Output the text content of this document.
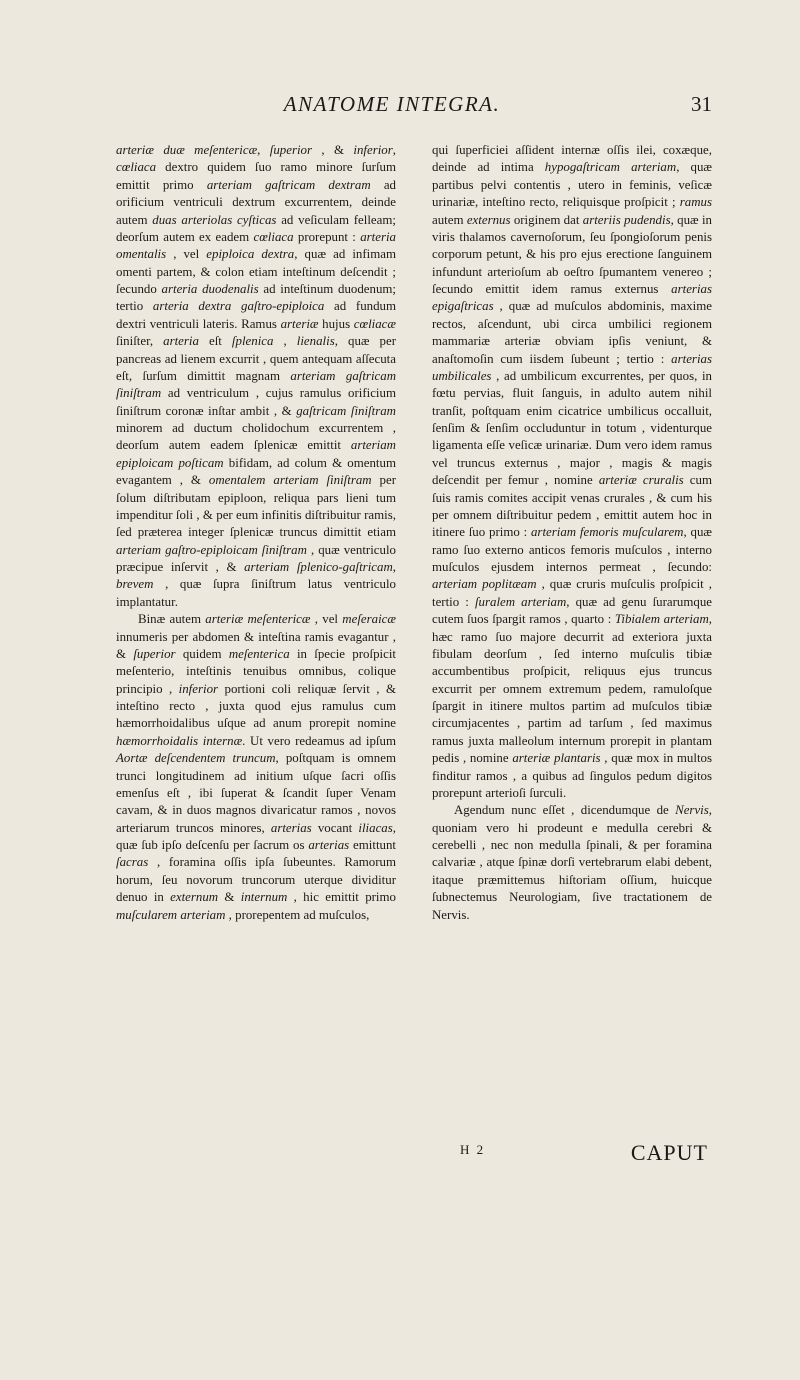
ANATOME INTEGRA.	31

arteriæ duæ meſentericæ, ſuperior , & inferior, cœliaca dextro quidem ſuo ramo minore ſurſum emittit primo arteriam gaſtricam dextram ad orificium ventriculi dextrum excurrentem, deinde autem duas arteriolas cyſticas ad veſiculam felleam; deorſum autem ex eadem cœliaca prorepunt : arteria omentalis , vel epiploica dextra, quæ ad infimam omenti partem, & colon etiam inteſtinum deſcendit ; ſecundo arteria duodenalis ad inteſtinum duodenum; tertio arteria dextra gaſtro-epiploica ad fundum dextri ventriculi lateris. Ramus arteriæ hujus cœliacæ ſiniſter, arteria eſt ſplenica , lienalis, quæ per pancreas ad lienem excurrit , quem antequam aſſecuta eſt, ſurſum dimittit magnam arteriam gaſtricam ſiniſtram ad ventriculum , cujus ramulus orificium ſiniſtrum coronæ inſtar ambit , & gaſtricam ſiniſtram minorem ad ductum cholidochum excurrentem , deorſum autem eadem ſplenicæ emittit arteriam epiploicam poſticam bifidam, ad colum & omentum evagantem , & omentalem arteriam ſiniſtram per ſolum diſtributam epiploon, reliqua pars lieni tum impenditur ſoli , & per eum infinitis diſtribuitur ramis, ſed præterea integer ſplenicæ truncus dimittit etiam arteriam gaſtro-epiploicam ſiniſtram , quæ ventriculo præcipue inſervit , & arteriam ſplenico-gaſtricam, brevem , quæ ſupra ſiniſtrum latus ventriculo implantatur.

Binæ autem arteriæ meſentericæ , vel meſeraicæ innumeris per abdomen & inteſtina ramis evagantur , & ſuperior quidem meſenterica in ſpecie proſpicit meſenterio, inteſtinis tenuibus omnibus, colique principio , inferior portioni coli reliquæ ſervit , & inteſtino recto , juxta quod ejus ramulus cum hæmorrhoidalibus uſque ad anum prorepit nomine hæmorrhoidalis internæ. Ut vero redeamus ad ipſum Aortæ deſcendentem truncum, poſtquam is omnem trunci longitudinem ad initium uſque ſacri oſſis emenſus eſt , ibi ſuperat & ſcandit ſuper Venam cavam, & in duos magnos divaricatur ramos , novos arteriarum truncos minores, arterias vocant iliacas, quæ ſub ipſo deſcenſu per ſacrum os arterias emittunt ſacras , foramina oſſis ipſa ſubeuntes. Ramorum horum, ſeu novorum truncorum uterque dividitur denuo in externum & internum , hic emittit primo muſcularem arteriam , prorepentem ad muſculos,

qui ſuperficiei aſſident internæ oſſis ilei, coxæque, deinde ad intima hypogaſtricam arteriam, quæ partibus pelvi contentis , utero in feminis, veſicæ urinariæ, inteſtino recto, reliquisque proſpicit ; ramus autem externus originem dat arteriis pudendis, quæ in viris thalamos cavernoſorum, ſeu ſpongioſorum penis corporum petunt, & his pro ejus erectione ſanguinem infundunt arterioſum ab oeſtro ſpumantem venereo ; ſecundo emittit idem ramus externus arterias epigaſtricas , quæ ad muſculos abdominis, maxime rectos, aſcendunt, ubi circa umbilici regionem mammariæ arteriæ obviam ipſis veniunt, & anaſtomoſin cum iisdem ſubeunt ; tertio : arterias umbilicales , ad umbilicum excurrentes, per quos, in fœtu pervias, fluit ſanguis, in adulto autem nihil tranſit, poſtquam enim cicatrice umbilicus occalluit, ſenſim & ſenſim occluduntur in totum , videnturque ligamenta eſſe veſicæ urinariæ. Dum vero idem ramus vel truncus externus , major , magis & magis deſcendit per femur , nomine arteriæ cruralis cum ſuis ramis comites accipit venas crurales , & cum his per omnem diſtribuitur pedem , emittit autem hoc in itinere ſuo primo : arteriam femoris muſcularem, quæ ramo ſuo externo anticos femoris muſculos , interno muſculos ejusdem internos permeat , ſecundo: arteriam poplitæam , quæ cruris muſculis proſpicit , tertio : ſuralem arteriam, quæ ad genu ſurarumque cutem ſuos ſpargit ramos , quarto : Tibialem arteriam, hæc ramo ſuo majore decurrit ad exteriora juxta fibulam deorſum , ſed interno muſculis tibiæ accumbentibus proſpicit, reliquus ejus truncus excurrit per omnem extremum pedem, ramuloſque ſpargit in itinere multos partim ad muſculos tibiæ circumjacentes , partim ad tarſum , ſed maximus ramus juxta malleolum internum prorepit in plantam pedis , nomine arteriæ plantaris , quæ mox in multos finditur ramos , a quibus ad ſingulos pedum digitos prorepunt arterioſi ſurculi.

Agendum nunc eſſet , dicendumque de Nervis, quoniam vero hi prodeunt e medulla cerebri & cerebelli , nec non medulla ſpinali, & per foramina calvariæ , atque ſpinæ dorſi vertebrarum elabi debent, itaque præmittemus hiſtoriam oſſium, huicque ſubnectemus Neurologiam, ſive tractationem de Nervis.

H 2	CAPUT
